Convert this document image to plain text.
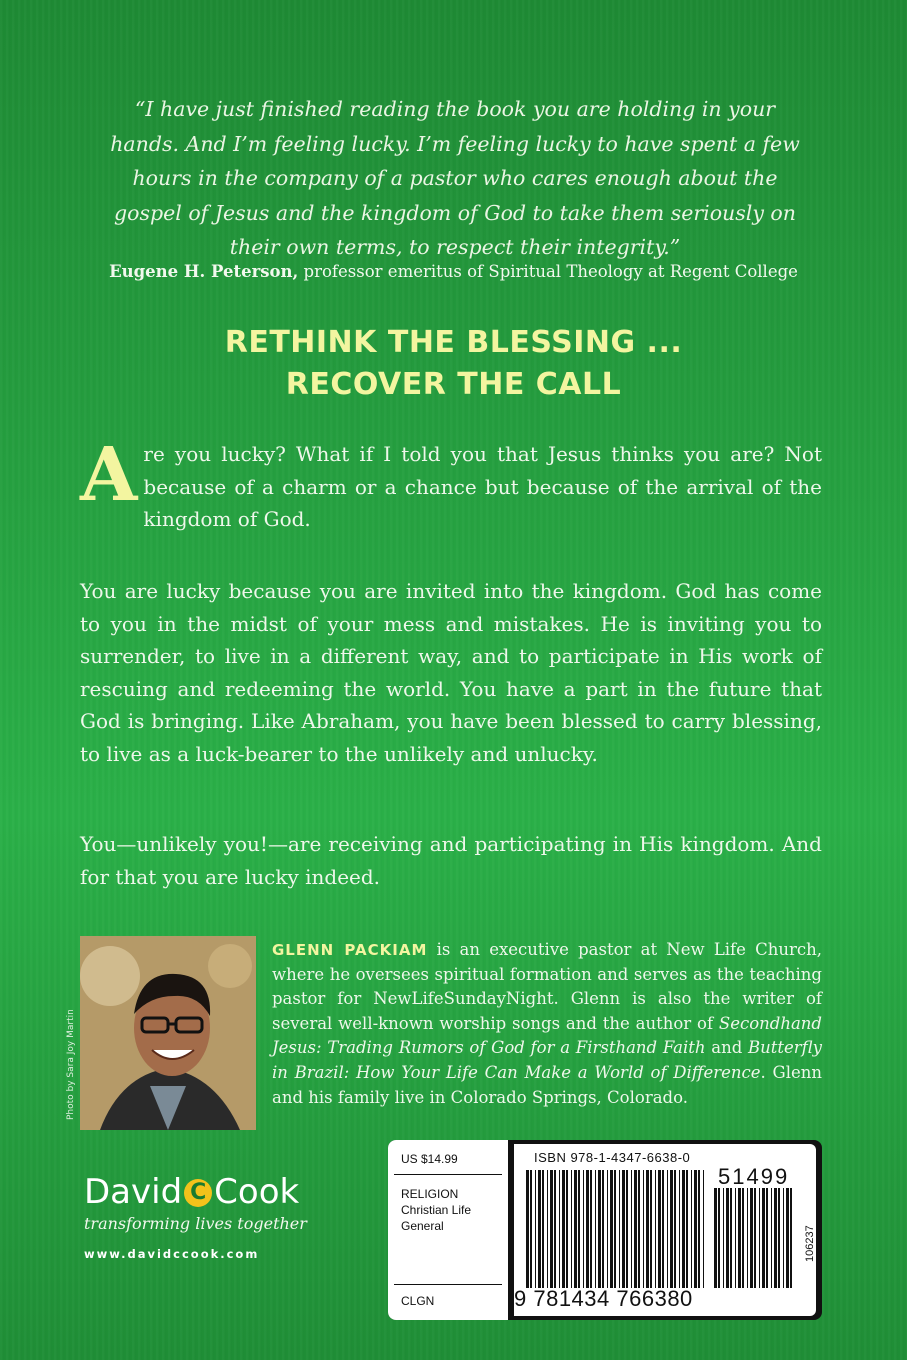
“I have just finished reading the book you are holding in your hands. And I’m feeling lucky. I’m feeling lucky to have spent a few hours in the company of a pastor who cares enough about the gospel of Jesus and the kingdom of God to take them seriously on their own terms, to respect their integrity.”
Eugene H. Peterson, professor emeritus of Spiritual Theology at Regent College
RETHINK THE BLESSING ...
RECOVER THE CALL
Are you lucky? What if I told you that Jesus thinks you are? Not because of a charm or a chance but because of the arrival of the kingdom of God.
You are lucky because you are invited into the kingdom. God has come to you in the midst of your mess and mistakes. He is inviting you to surrender, to live in a different way, and to participate in His work of rescuing and redeeming the world. You have a part in the future that God is bringing. Like Abraham, you have been blessed to carry blessing, to live as a luck-bearer to the unlikely and unlucky.
You—unlikely you!—are receiving and participating in His kingdom. And for that you are lucky indeed.
Photo by Sara Joy Martin
GLENN PACKIAM is an executive pastor at New Life Church, where he oversees spiritual formation and serves as the teaching pastor for NewLifeSundayNight. Glenn is also the writer of several well-known worship songs and the author of Secondhand Jesus: Trading Rumors of God for a Firsthand Faith and Butterfly in Brazil: How Your Life Can Make a World of Difference. Glenn and his family live in Colorado Springs, Colorado.
David C Cook
transforming lives together
www.davidccook.com
US $14.99
RELIGION
Christian Life
General
CLGN
ISBN 978-1-4347-6638-0
9 781434 766380
51499
106237
